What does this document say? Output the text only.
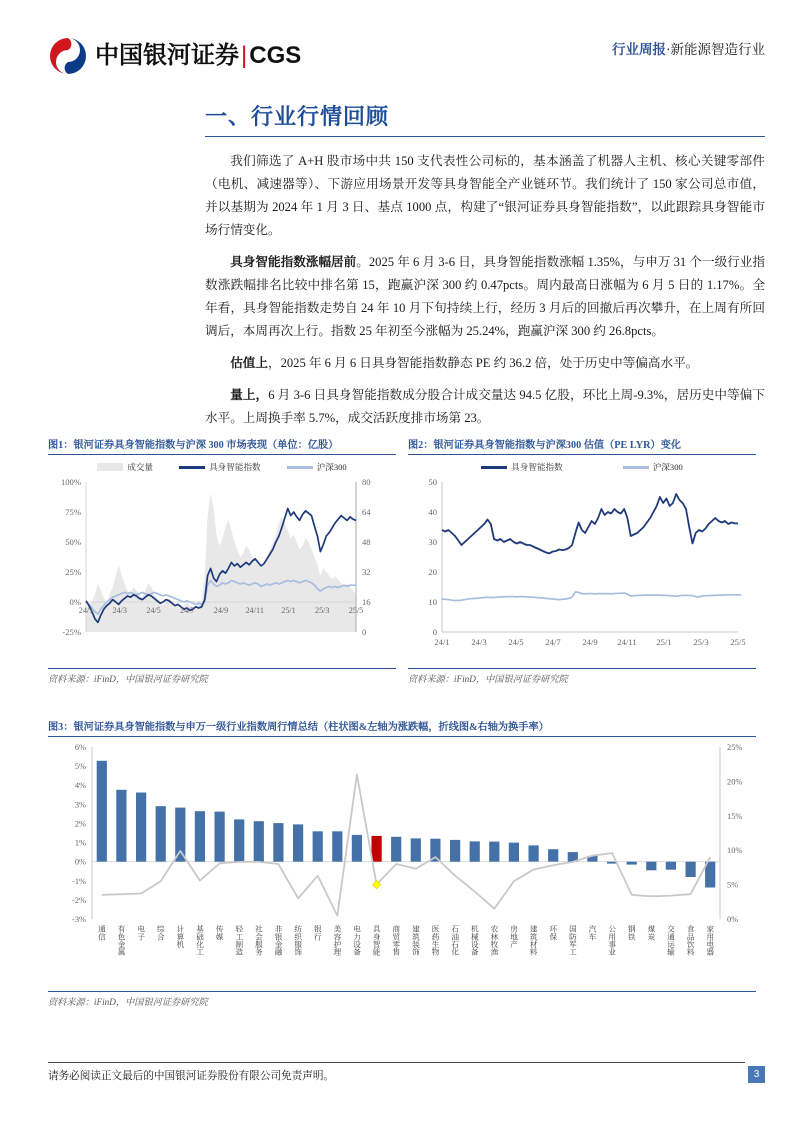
中国银河证券|CGS	行业周报·新能源智造行业
一、行业行情回顾

我们筛选了 A+H 股市场中共 150 支代表性公司标的，基本涵盖了机器人主机、核心关键零部件（电机、减速器等）、下游应用场景开发等具身智能全产业链环节。我们统计了 150 家公司总市值，并以基期为 2024 年 1 月 3 日、基点 1000 点，构建了“银河证券具身智能指数”，以此跟踪具身智能市场行情变化。

具身智能指数涨幅居前。2025 年 6 月 3-6 日，具身智能指数涨幅 1.35%，与申万 31 个一级行业指数涨跌幅排名比较中排名第 15，跑赢沪深 300 约 0.47pcts。周内最高日涨幅为 6 月 5 日的 1.17%。全年看，具身智能指数走势自 24 年 10 月下旬持续上行，经历 3 月后的回撤后再次攀升，在上周有所回调后，本周再次上行。指数 25 年初至今涨幅为 25.24%，跑赢沪深 300 约 26.8pcts。

估值上，2025 年 6 月 6 日具身智能指数静态 PE 约 36.2 倍，处于历史中等偏高水平。

量上，6 月 3-6 日具身智能指数成分股合计成交量达 94.5 亿股，环比上周-9.3%，居历史中等偏下水平。上周换手率 5.7%，成交活跃度排市场第 23。

图1：银河证券具身智能指数与沪深 300 市场表现（单位：亿股）
成交量	具身智能指数	沪深300
-25%
0%
25%
50%
75%
100%
0
16
32
48
64
80
24/1 24/3 24/5 24/7 24/9 24/11 25/1 25/3 25/5
资料来源：iFinD，中国银河证券研究院
图2：银河证券具身智能指数与沪深300 估值（PE LYR）变化
具身智能指数	沪深300
0
10
20
30
40
50
24/1	24/3	24/5	24/7	24/9 24/11 25/1	25/3	25/5
资料来源：iFinD，中国银河证券研究院
图3：银河证券具身智能指数与申万一级行业指数周行情总结（柱状图&左轴为涨跌幅，折线图&右轴为换手率）
-3%
-2%
-1%
0%
1%
2%
3%
4%
5%
6%
0%
5%
10%
15%
20%
25%
通信 有色金属 电子 综合 计算机 基础化工 传媒 轻工制造 社会服务 非银金融 纺织服饰 银行 美容护理 电力设备 具身智能 商贸零售 建筑装饰 医药生物 石油石化 机械设备 农林牧渔 房地产 建筑材料 环保 国防军工 汽车 公用事业 钢铁 煤炭 交通运输 食品饮料 家用电器
资料来源：iFinD，中国银河证券研究院
请务必阅读正文最后的中国银河证券股份有限公司免责声明。	3
